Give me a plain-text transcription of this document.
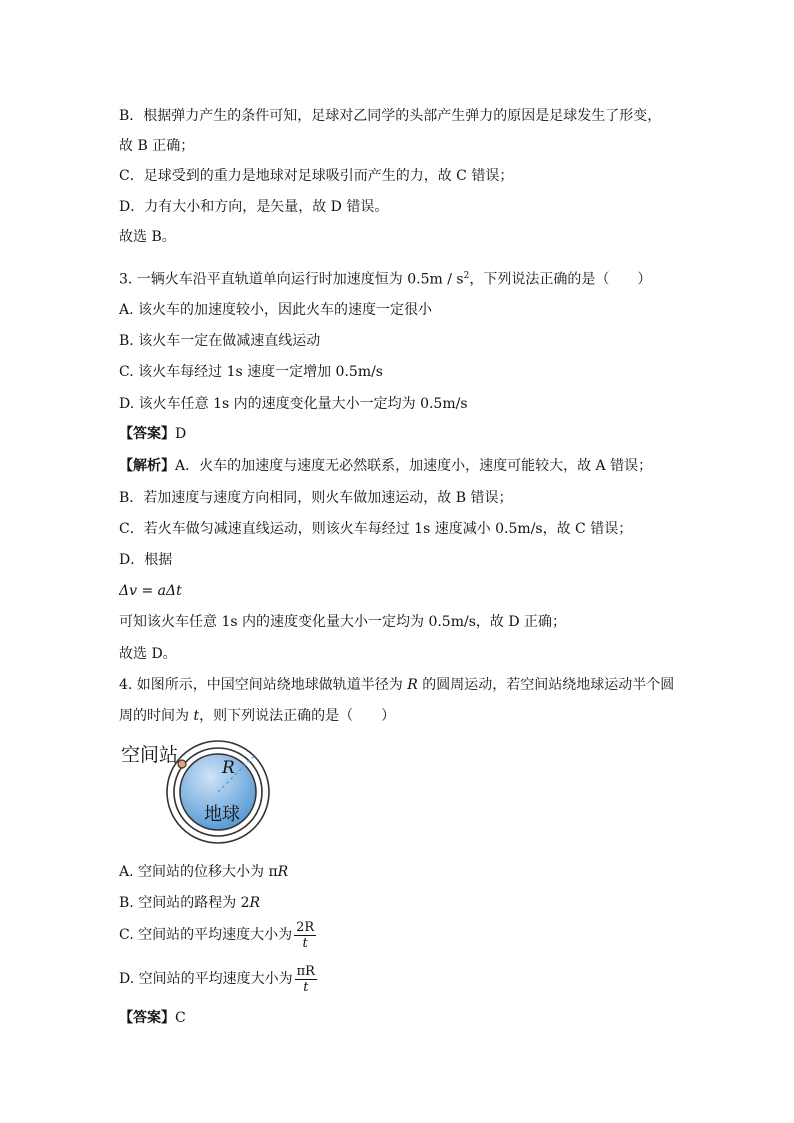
B．根据弹力产生的条件可知，足球对乙同学的头部产生弹力的原因是足球发生了形变，
故 B 正确；
C．足球受到的重力是地球对足球吸引而产生的力，故 C 错误；
D．力有大小和方向，是矢量，故 D 错误。
故选 B。
3. 一辆火车沿平直轨道单向运行时加速度恒为 $0.5m / s^2$，下列说法正确的是（　　）
A. 该火车的加速度较小，因此火车的速度一定很小
B. 该火车一定在做减速直线运动
C. 该火车每经过 1s 速度一定增加 0.5m/s
D. 该火车任意 1s 内的速度变化量大小一定均为 0.5m/s
【答案】D
【解析】A．火车的加速度与速度无必然联系，加速度小，速度可能较大，故 A 错误；
B．若加速度与速度方向相同，则火车做加速运动，故 B 错误；
C．若火车做匀减速直线运动，则该火车每经过 1s 速度减小 0.5m/s，故 C 错误；
D．根据
Δv = aΔt
可知该火车任意 1s 内的速度变化量大小一定均为 0.5m/s，故 D 正确；
故选 D。
4. 如图所示，中国空间站绕地球做轨道半径为 R 的圆周运动，若空间站绕地球运动半个圆
周的时间为 t，则下列说法正确的是（　　）
空间站
R
地球
A. 空间站的位移大小为 πR
B. 空间站的路程为 2R
C. 空间站的平均速度大小为 $\frac{2R}{t}$
D. 空间站的平均速度大小为 $\frac{\pi R}{t}$
【答案】C
